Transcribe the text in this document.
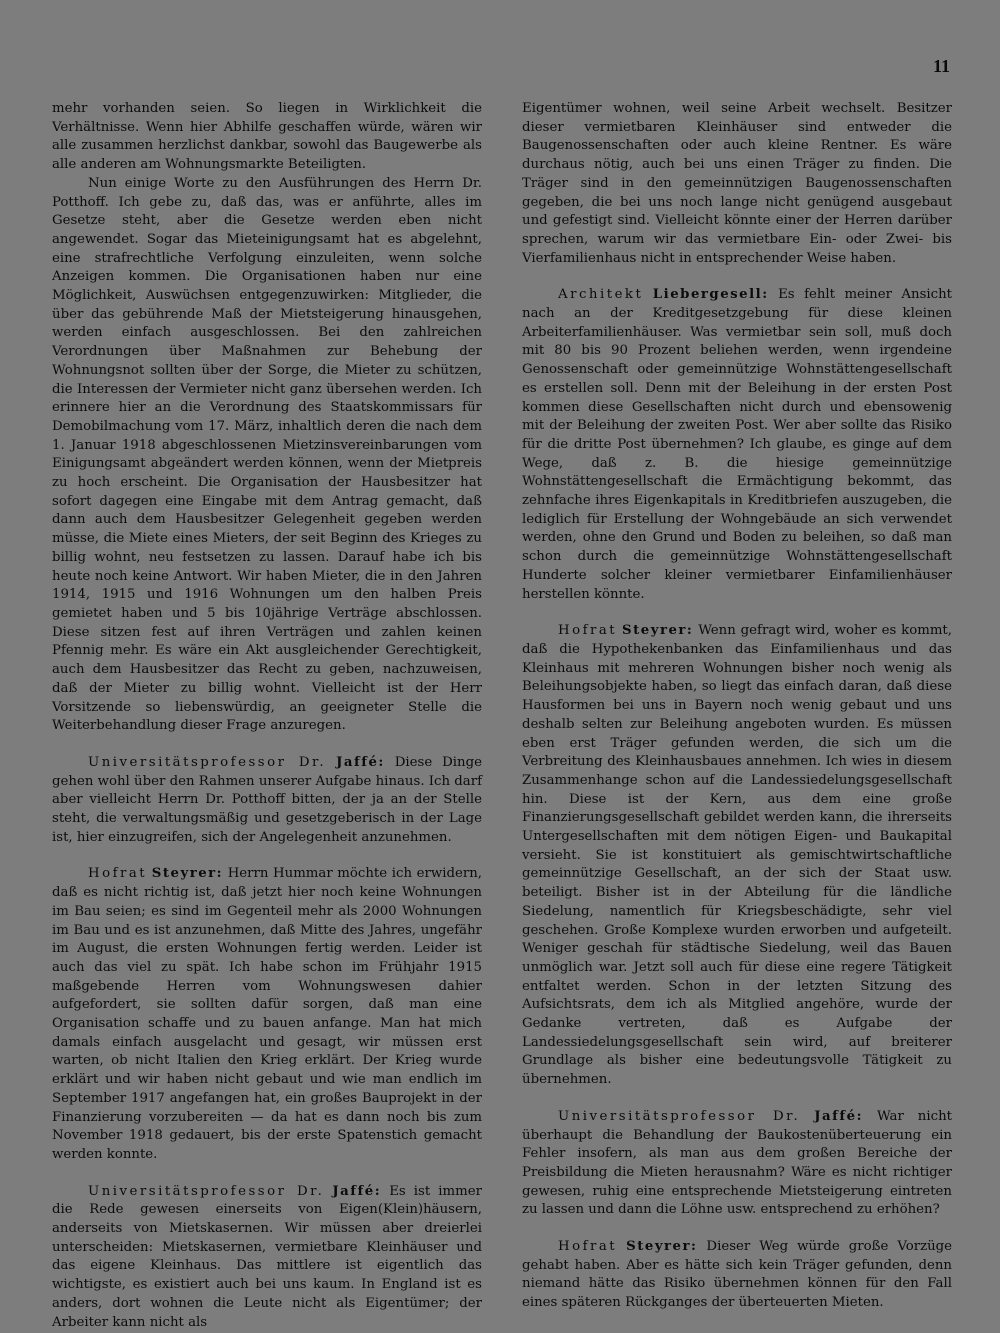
11

mehr vorhanden seien. So liegen in Wirklichkeit die Verhältnisse. Wenn hier Abhilfe geschaffen würde, wären wir alle zusammen herzlichst dankbar, sowohl das Baugewerbe als alle anderen am Wohnungsmarkte Beteiligten.

Nun einige Worte zu den Ausführungen des Herrn Dr. Potthoff. Ich gebe zu, daß das, was er anführte, alles im Gesetze steht, aber die Gesetze werden eben nicht angewendet. Sogar das Mieteinigungsamt hat es abgelehnt, eine strafrechtliche Verfolgung einzuleiten, wenn solche Anzeigen kommen. Die Organisationen haben nur eine Möglichkeit, Auswüchsen entgegenzuwirken: Mitglieder, die über das gebührende Maß der Mietsteigerung hinausgehen, werden einfach ausgeschlossen. Bei den zahlreichen Verordnungen über Maßnahmen zur Behebung der Wohnungsnot sollten über der Sorge, die Mieter zu schützen, die Interessen der Vermieter nicht ganz übersehen werden. Ich erinnere hier an die Verordnung des Staatskommissars für Demobilmachung vom 17. März, inhaltlich deren die nach dem 1. Januar 1918 abgeschlossenen Mietzinsvereinbarungen vom Einigungsamt abgeändert werden können, wenn der Mietpreis zu hoch erscheint. Die Organisation der Hausbesitzer hat sofort dagegen eine Eingabe mit dem Antrag gemacht, daß dann auch dem Hausbesitzer Gelegenheit gegeben werden müsse, die Miete eines Mieters, der seit Beginn des Krieges zu billig wohnt, neu festsetzen zu lassen. Darauf habe ich bis heute noch keine Antwort. Wir haben Mieter, die in den Jahren 1914, 1915 und 1916 Wohnungen um den halben Preis gemietet haben und 5 bis 10jährige Verträge abschlossen. Diese sitzen fest auf ihren Verträgen und zahlen keinen Pfennig mehr. Es wäre ein Akt ausgleichender Gerechtigkeit, auch dem Hausbesitzer das Recht zu geben, nachzuweisen, daß der Mieter zu billig wohnt. Vielleicht ist der Herr Vorsitzende so liebenswürdig, an geeigneter Stelle die Weiterbehandlung dieser Frage anzuregen.

Universitätsprofessor Dr. Jaffé: Diese Dinge gehen wohl über den Rahmen unserer Aufgabe hinaus. Ich darf aber vielleicht Herrn Dr. Potthoff bitten, der ja an der Stelle steht, die verwaltungsmäßig und gesetzgeberisch in der Lage ist, hier einzugreifen, sich der Angelegenheit anzunehmen.

Hofrat Steyrer: Herrn Hummar möchte ich erwidern, daß es nicht richtig ist, daß jetzt hier noch keine Wohnungen im Bau seien; es sind im Gegenteil mehr als 2000 Wohnungen im Bau und es ist anzunehmen, daß Mitte des Jahres, ungefähr im August, die ersten Wohnungen fertig werden. Leider ist auch das viel zu spät. Ich habe schon im Frühjahr 1915 maßgebende Herren vom Wohnungswesen dahier aufgefordert, sie sollten dafür sorgen, daß man eine Organisation schaffe und zu bauen anfange. Man hat mich damals einfach ausgelacht und gesagt, wir müssen erst warten, ob nicht Italien den Krieg erklärt. Der Krieg wurde erklärt und wir haben nicht gebaut und wie man endlich im September 1917 angefangen hat, ein großes Bauprojekt in der Finanzierung vorzubereiten — da hat es dann noch bis zum November 1918 gedauert, bis der erste Spatenstich gemacht werden konnte.

Universitätsprofessor Dr. Jaffé: Es ist immer die Rede gewesen einerseits von Eigen(Klein)häusern, anderseits von Mietskasernen. Wir müssen aber dreierlei unterscheiden: Mietskasernen, vermietbare Kleinhäuser und das eigene Kleinhaus. Das mittlere ist eigentlich das wichtigste, es existiert auch bei uns kaum. In England ist es anders, dort wohnen die Leute nicht als Eigentümer; der Arbeiter kann nicht als

Eigentümer wohnen, weil seine Arbeit wechselt. Besitzer dieser vermietbaren Kleinhäuser sind entweder die Baugenossenschaften oder auch kleine Rentner. Es wäre durchaus nötig, auch bei uns einen Träger zu finden. Die Träger sind in den gemeinnützigen Baugenossenschaften gegeben, die bei uns noch lange nicht genügend ausgebaut und gefestigt sind. Vielleicht könnte einer der Herren darüber sprechen, warum wir das vermietbare Ein- oder Zwei- bis Vierfamilienhaus nicht in entsprechender Weise haben.

Architekt Liebergesell: Es fehlt meiner Ansicht nach an der Kreditgesetzgebung für diese kleinen Arbeiterfamilienhäuser. Was vermietbar sein soll, muß doch mit 80 bis 90 Prozent beliehen werden, wenn irgendeine Genossenschaft oder gemeinnützige Wohnstättengesellschaft es erstellen soll. Denn mit der Beleihung in der ersten Post kommen diese Gesellschaften nicht durch und ebensowenig mit der Beleihung der zweiten Post. Wer aber sollte das Risiko für die dritte Post übernehmen? Ich glaube, es ginge auf dem Wege, daß z. B. die hiesige gemeinnützige Wohnstättengesellschaft die Ermächtigung bekommt, das zehnfache ihres Eigenkapitals in Kreditbriefen auszugeben, die lediglich für Erstellung der Wohngebäude an sich verwendet werden, ohne den Grund und Boden zu beleihen, so daß man schon durch die gemeinnützige Wohnstättengesellschaft Hunderte solcher kleiner vermietbarer Einfamilienhäuser herstellen könnte.

Hofrat Steyrer: Wenn gefragt wird, woher es kommt, daß die Hypothekenbanken das Einfamilienhaus und das Kleinhaus mit mehreren Wohnungen bisher noch wenig als Beleihungsobjekte haben, so liegt das einfach daran, daß diese Hausformen bei uns in Bayern noch wenig gebaut und uns deshalb selten zur Beleihung angeboten wurden. Es müssen eben erst Träger gefunden werden, die sich um die Verbreitung des Kleinhausbaues annehmen. Ich wies in diesem Zusammenhange schon auf die Landessiedelungsgesellschaft hin. Diese ist der Kern, aus dem eine große Finanzierungsgesellschaft gebildet werden kann, die ihrerseits Untergesellschaften mit dem nötigen Eigen- und Baukapital versieht. Sie ist konstituiert als gemischtwirtschaftliche gemeinnützige Gesellschaft, an der sich der Staat usw. beteiligt. Bisher ist in der Abteilung für die ländliche Siedelung, namentlich für Kriegsbeschädigte, sehr viel geschehen. Große Komplexe wurden erworben und aufgeteilt. Weniger geschah für städtische Siedelung, weil das Bauen unmöglich war. Jetzt soll auch für diese eine regere Tätigkeit entfaltet werden. Schon in der letzten Sitzung des Aufsichtsrats, dem ich als Mitglied angehöre, wurde der Gedanke vertreten, daß es Aufgabe der Landessiedelungsgesellschaft sein wird, auf breiterer Grundlage als bisher eine bedeutungsvolle Tätigkeit zu übernehmen.

Universitätsprofessor Dr. Jaffé: War nicht überhaupt die Behandlung der Baukostenüberteuerung ein Fehler insofern, als man aus dem großen Bereiche der Preisbildung die Mieten herausnahm? Wäre es nicht richtiger gewesen, ruhig eine entsprechende Mietsteigerung eintreten zu lassen und dann die Löhne usw. entsprechend zu erhöhen?

Hofrat Steyrer: Dieser Weg würde große Vorzüge gehabt haben. Aber es hätte sich kein Träger gefunden, denn niemand hätte das Risiko übernehmen können für den Fall eines späteren Rückganges der überteuerten Mieten.
